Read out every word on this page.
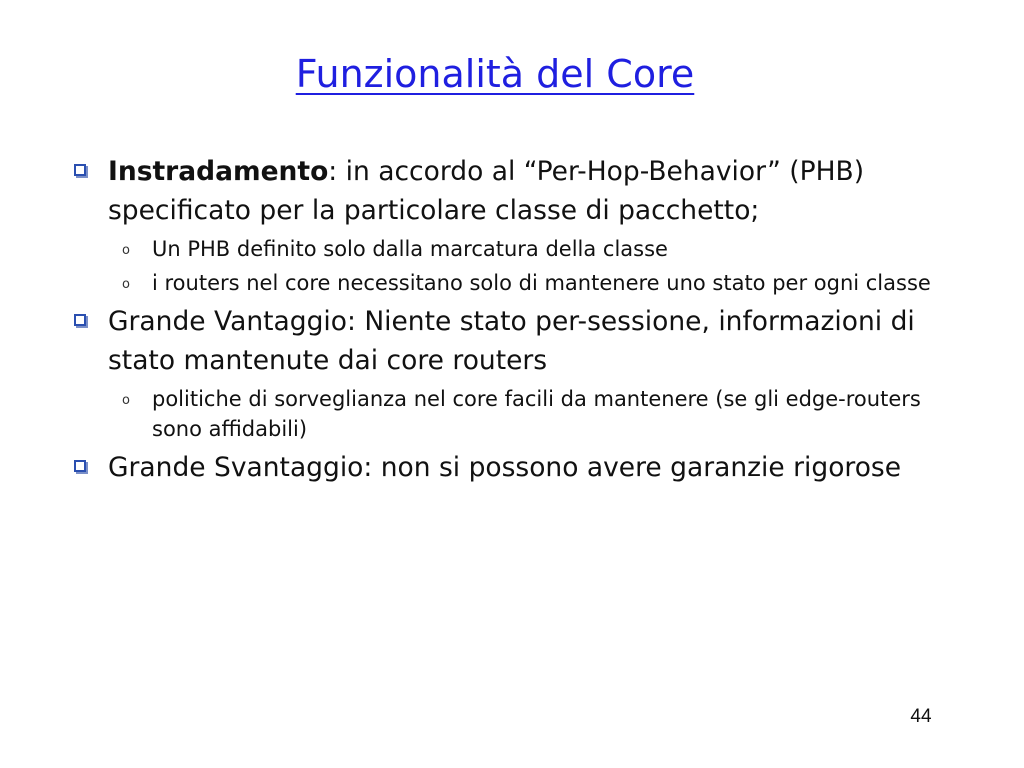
Funzionalità del Core
Instradamento: in accordo al “Per-Hop-Behavior” (PHB) specificato per la particolare classe di pacchetto;
o Un PHB definito solo dalla marcatura della classe
o i routers nel core necessitano solo di mantenere uno stato per ogni classe
Grande Vantaggio: Niente stato per-sessione, informazioni di stato mantenute dai core routers
o politiche di sorveglianza nel core facili da mantenere (se gli edge-routers sono affidabili)
Grande Svantaggio: non si possono avere garanzie rigorose
44
